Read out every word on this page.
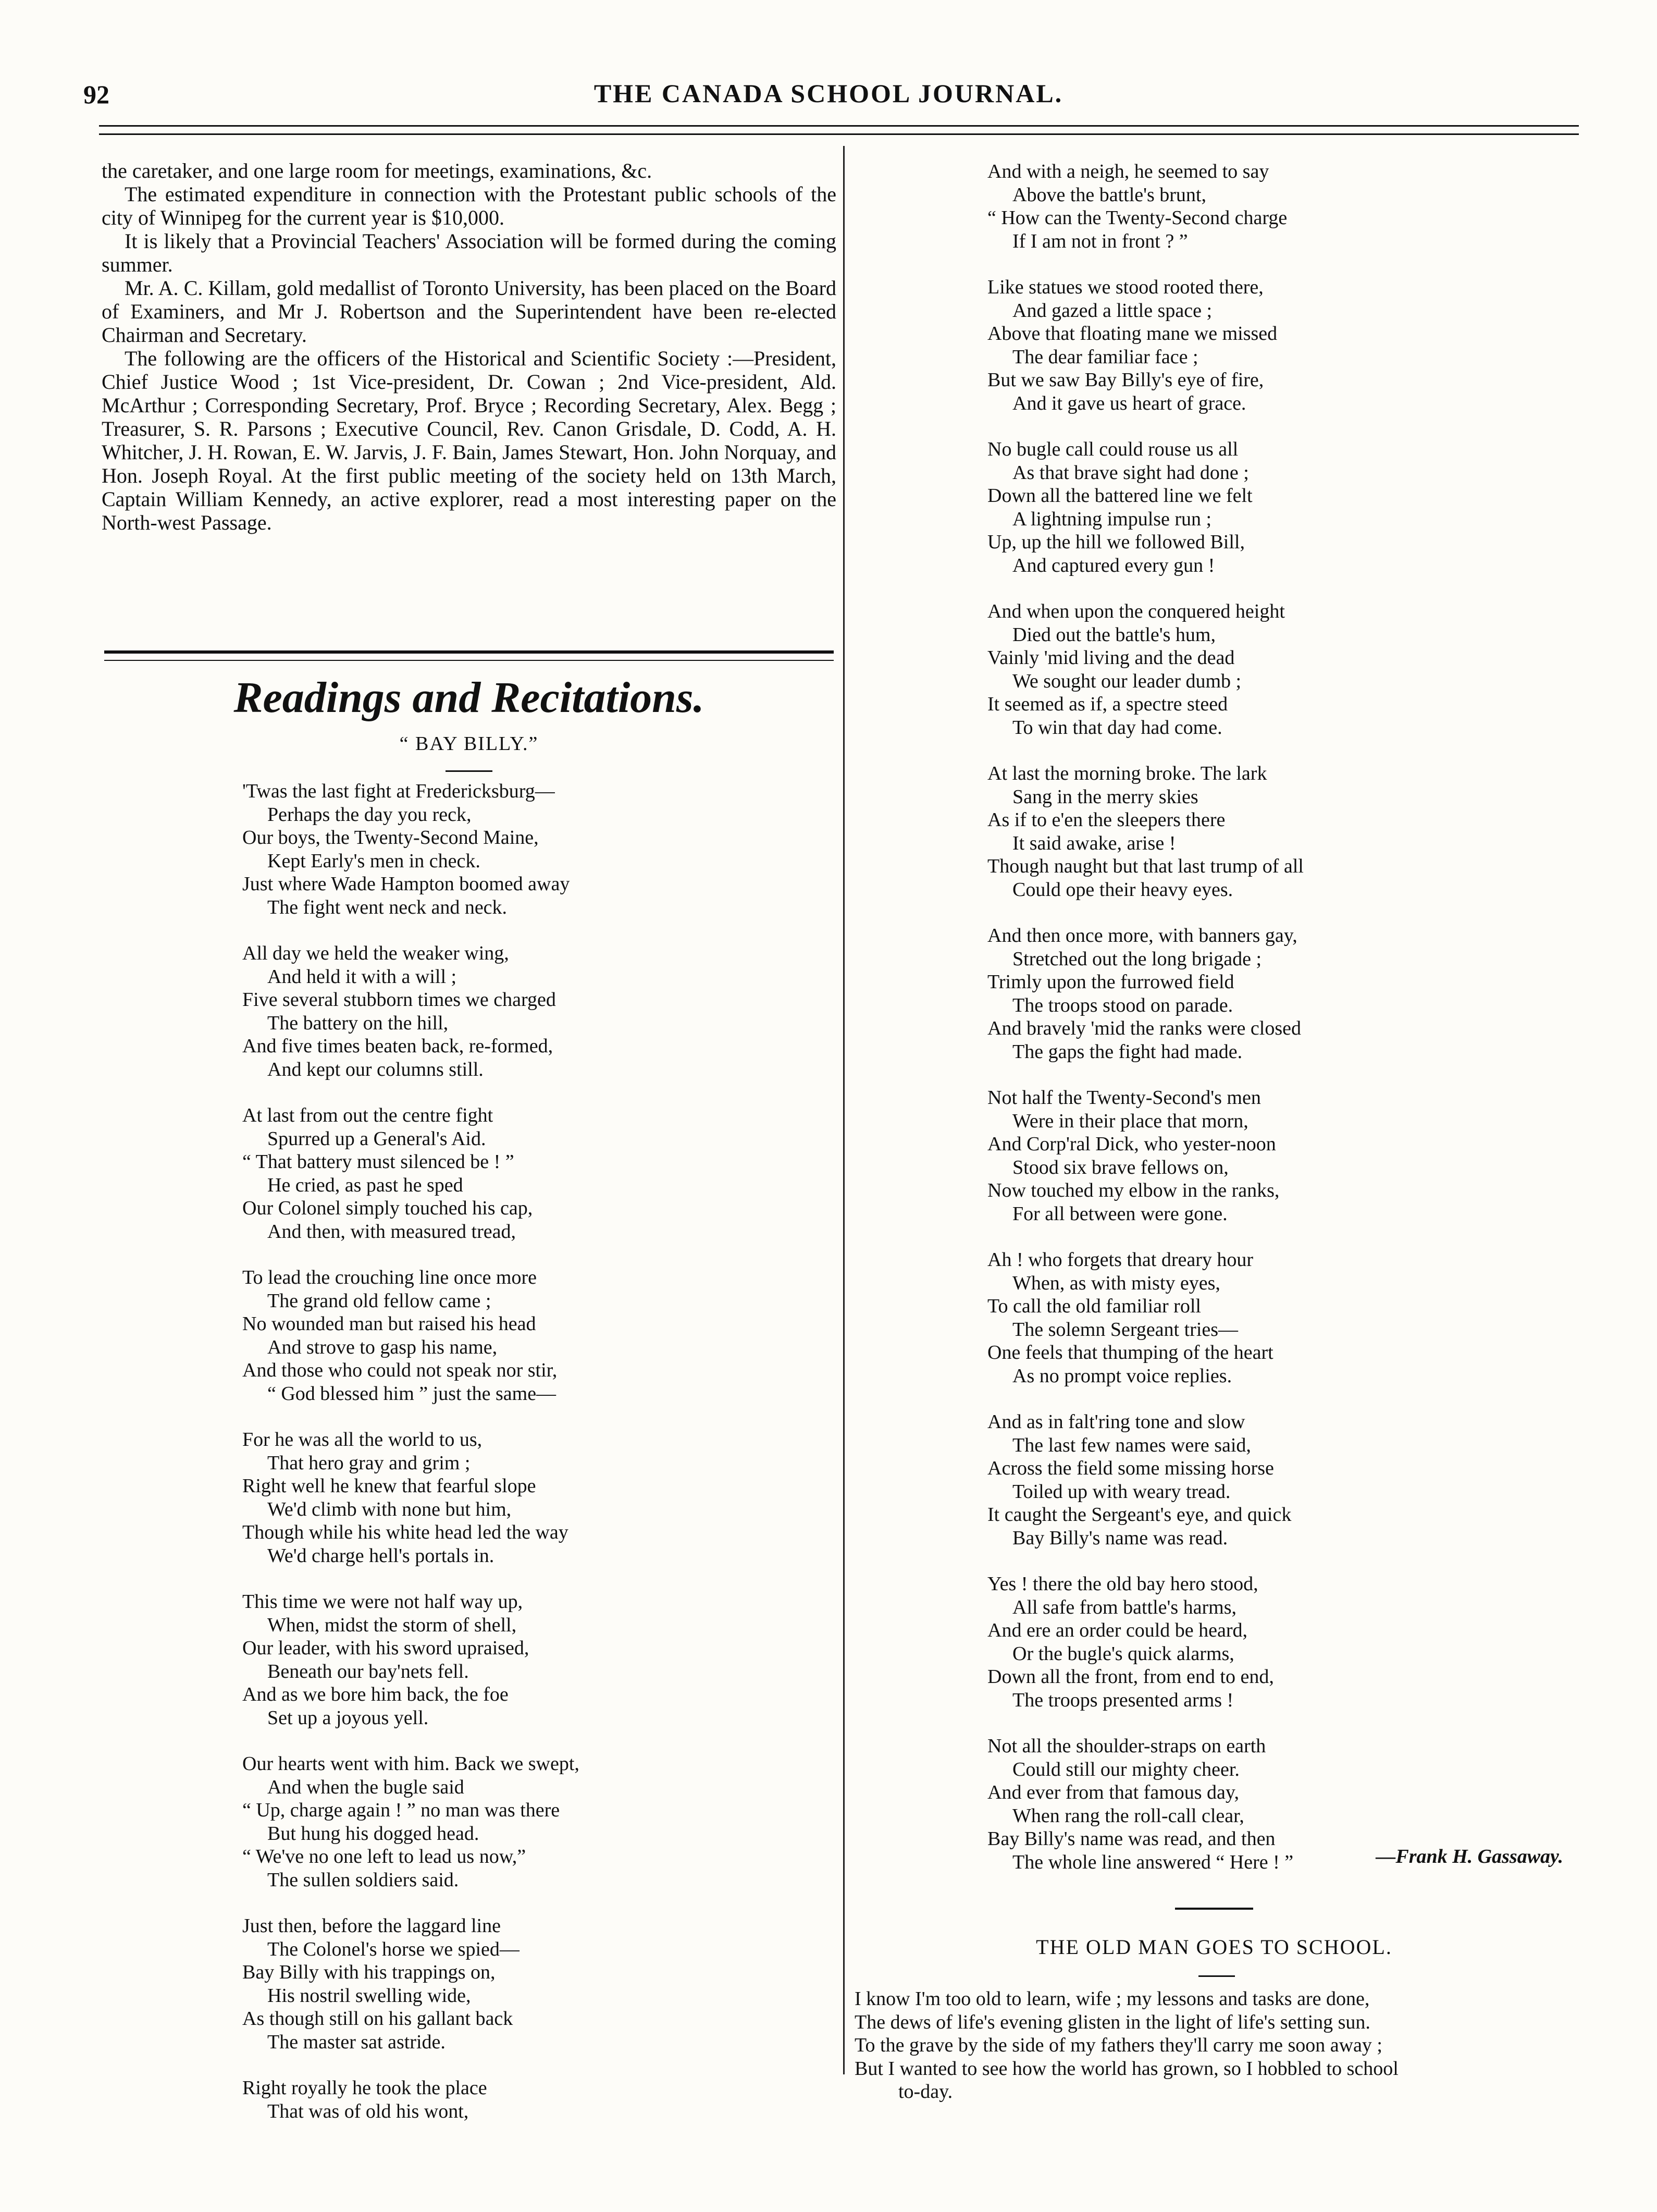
92	THE CANADA SCHOOL JOURNAL.

the caretaker, and one large room for meetings, examinations, &c.

The estimated expenditure in connection with the Protestant public schools of the city of Winnipeg for the current year is $10,000.

It is likely that a Provincial Teachers' Association will be formed during the coming summer.

Mr. A. C. Killam, gold medallist of Toronto University, has been placed on the Board of Examiners, and Mr J. Robertson and the Superintendent have been re-elected Chairman and Secretary.

The following are the officers of the Historical and Scientific Society :—President, Chief Justice Wood ; 1st Vice-president, Dr. Cowan ; 2nd Vice-president, Ald. McArthur ; Corresponding Secretary, Prof. Bryce ; Recording Secretary, Alex. Begg ; Treasurer, S. R. Parsons ; Executive Council, Rev. Canon Grisdale, D. Codd, A. H. Whitcher, J. H. Rowan, E. W. Jarvis, J. F. Bain, James Stewart, Hon. John Norquay, and Hon. Joseph Royal. At the first public meeting of the society held on 13th March, Captain William Kennedy, an active explorer, read a most interesting paper on the North-west Passage.

Readings and Recitations.
“ BAY BILLY.”
'Twas the last fight at Fredericksburg—
Perhaps the day you reck,
Our boys, the Twenty-Second Maine,
Kept Early's men in check.
Just where Wade Hampton boomed away
The fight went neck and neck.
All day we held the weaker wing,
And held it with a will ;
Five several stubborn times we charged
The battery on the hill,
And five times beaten back, re-formed,
And kept our columns still.
At last from out the centre fight
Spurred up a General's Aid.
“ That battery must silenced be ! ”
He cried, as past he sped
Our Colonel simply touched his cap,
And then, with measured tread,
To lead the crouching line once more
The grand old fellow came ;
No wounded man but raised his head
And strove to gasp his name,
And those who could not speak nor stir,
“ God blessed him ” just the same—
For he was all the world to us,
That hero gray and grim ;
Right well he knew that fearful slope
We'd climb with none but him,
Though while his white head led the way
We'd charge hell's portals in.
This time we were not half way up,
When, midst the storm of shell,
Our leader, with his sword upraised,
Beneath our bay'nets fell.
And as we bore him back, the foe
Set up a joyous yell.
Our hearts went with him. Back we swept,
And when the bugle said
“ Up, charge again ! ” no man was there
But hung his dogged head.
“ We've no one left to lead us now,”
The sullen soldiers said.
Just then, before the laggard line
The Colonel's horse we spied—
Bay Billy with his trappings on,
His nostril swelling wide,
As though still on his gallant back
The master sat astride.
Right royally he took the place
That was of old his wont,
And with a neigh, he seemed to say
Above the battle's brunt,
“ How can the Twenty-Second charge
If I am not in front ? ”
Like statues we stood rooted there,
And gazed a little space ;
Above that floating mane we missed
The dear familiar face ;
But we saw Bay Billy's eye of fire,
And it gave us heart of grace.
No bugle call could rouse us all
As that brave sight had done ;
Down all the battered line we felt
A lightning impulse run ;
Up, up the hill we followed Bill,
And captured every gun !
And when upon the conquered height
Died out the battle's hum,
Vainly 'mid living and the dead
We sought our leader dumb ;
It seemed as if, a spectre steed
To win that day had come.
At last the morning broke. The lark
Sang in the merry skies
As if to e'en the sleepers there
It said awake, arise !
Though naught but that last trump of all
Could ope their heavy eyes.
And then once more, with banners gay,
Stretched out the long brigade ;
Trimly upon the furrowed field
The troops stood on parade.
And bravely 'mid the ranks were closed
The gaps the fight had made.
Not half the Twenty-Second's men
Were in their place that morn,
And Corp'ral Dick, who yester-noon
Stood six brave fellows on,
Now touched my elbow in the ranks,
For all between were gone.
Ah ! who forgets that dreary hour
When, as with misty eyes,
To call the old familiar roll
The solemn Sergeant tries—
One feels that thumping of the heart
As no prompt voice replies.
And as in falt'ring tone and slow
The last few names were said,
Across the field some missing horse
Toiled up with weary tread.
It caught the Sergeant's eye, and quick
Bay Billy's name was read.
Yes ! there the old bay hero stood,
All safe from battle's harms,
And ere an order could be heard,
Or the bugle's quick alarms,
Down all the front, from end to end,
The troops presented arms !
Not all the shoulder-straps on earth
Could still our mighty cheer.
And ever from that famous day,
When rang the roll-call clear,
Bay Billy's name was read, and then
The whole line answered “ Here ! ”	—Frank H. Gassaway.
THE OLD MAN GOES TO SCHOOL.
I know I'm too old to learn, wife ; my lessons and tasks are done,
The dews of life's evening glisten in the light of life's setting sun.
To the grave by the side of my fathers they'll carry me soon away ;
But I wanted to see how the world has grown, so I hobbled to school
to-day.
